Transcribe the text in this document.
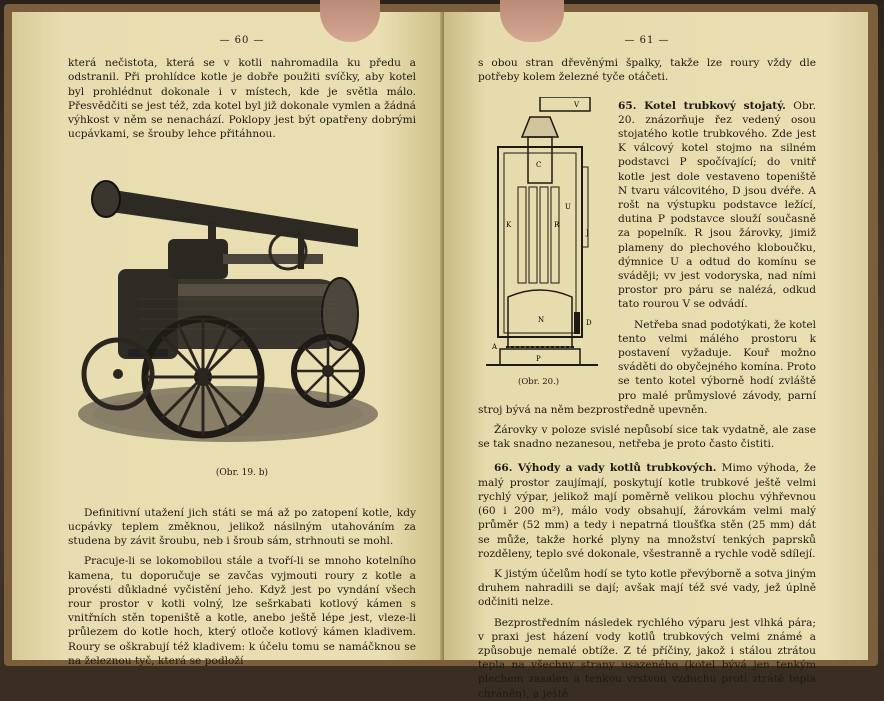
— 60 —

která nečistota, která se v kotli nahromadila ku předu a odstranil. Při prohlídce kotle je dobře použiti svíčky, aby kotel byl prohlédnut dokonale i v místech, kde je světla málo. Přesvědčiti se jest též, zda kotel byl již dokonale vymlen a žádná výhkost v něm se nenachází. Poklopy jest být opatřeny dobrými ucpávkami, se šrouby lehce přitáhnou.

(Obr. 19. b)

Definitivní utažení jich státi se má až po zatopení kotle, kdy ucpávky teplem změknou, jelikož násilným utahováním za studena by závit šroubu, neb i šroub sám, strhnouti se mohl.

Pracuje-li se lokomobilou stále a tvoří-li se mnoho kotelního kamena, tu doporučuje se zavčas vyjmouti roury z kotle a provésti důkladné vyčistění jeho. Když jest po vyndání všech rour prostor v kotli volný, lze sešrkabati kotlový kámen s vnitřních stěn topeniště a kotle, anebo ještě lépe jest, vleze-li průlezem do kotle hoch, který otloče kotlový kámen kladivem. Roury se oškrabují též kladivem: k účelu tomu se namáčknou se na železnou tyč, která se podloží

— 61 —

s obou stran dřevěnými špalky, takže lze roury vždy dle potřeby kolem železné tyče otáčeti.

V
C
K	R
U
J
N	D
A
P
(Obr. 20.)

65. Kotel trubkový stojatý. Obr. 20. znázorňuje řez vedený osou stojatého kotle trubkového. Zde jest K válcový kotel stojmo na silném podstavci P spočívající; do vnitř kotle jest dole vestaveno topeniště N tvaru válcovitého, D jsou dvéře. A rošt na výstupku podstavce ležící, dutina P podstavce slouží současně za popelník. R jsou žárovky, jimiž plameny do plechového kloboučku, dýmnice U a odtud do komínu se sváději; vv jest vodoryska, nad ními prostor pro páru se nalézá, odkud tato rourou V se odvádí.

Netřeba snad podotýkati, že kotel tento velmi málého prostoru k postavení vyžaduje. Kouř možno sváděti do obyčejného komína. Proto se tento kotel výborně hodí zvláště pro malé průmyslové závody, parní stroj bývá na něm bezprostředně upevněn.

Žárovky v poloze svislé nepůsobí sice tak vydatně, ale zase se tak snadno nezanesou, netřeba je proto často čistiti.

66. Výhody a vady kotlů trubkových. Mimo výhoda, že malý prostor zaujímají, poskytují kotle trubkové ještě velmi rychlý výpar, jelikož mají poměrně velikou plochu výhřevnou (60 i 200 m²), málo vody obsahují, žárovkám velmi malý průměr (52 mm) a tedy i nepatrná tloušťka stěn (25 mm) dát se může, takže horké plyny na množství tenkých paprsků rozděleny, teplo své dokonale, všestranně a rychle vodě sdílejí.

K jistým účelům hodí se tyto kotle převýborně a sotva jiným druhem nahradili se dají; avšak mají též své vady, jež úplně odčiniti nelze.

Bezprostředním následek rychlého výparu jest vlhká pára; v praxi jest házení vody kotlů trubkových velmi známé a způsobuje nemalé obtíže. Z té příčiny, jakož i stálou ztrátou tepla na všechny strany usazeného (kotel bývá jen tenkým plechem zasalen a tenkou vrstvou vzduchu proti ztrátě tepla chráněn), a ještě
